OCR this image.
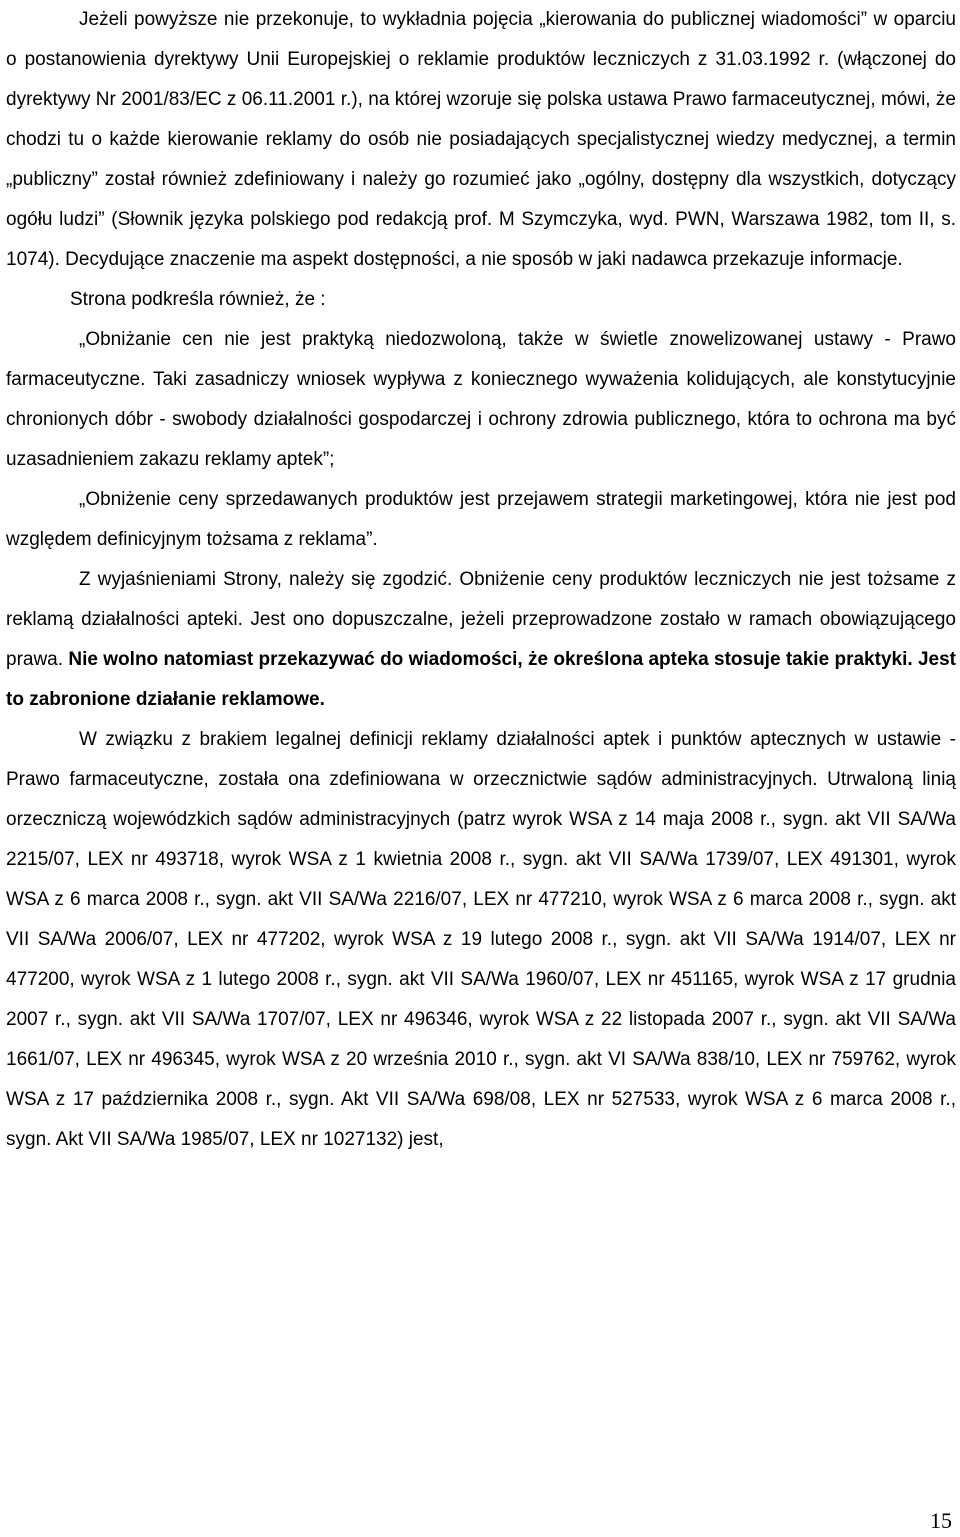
Jeżeli powyższe nie przekonuje, to wykładnia pojęcia „kierowania do publicznej wiadomości” w oparciu o postanowienia dyrektywy Unii Europejskiej o reklamie produktów leczniczych z 31.03.1992 r. (włączonej do dyrektywy Nr 2001/83/EC z 06.11.2001 r.), na której wzoruje się polska ustawa Prawo farmaceutycznej, mówi, że chodzi tu o każde kierowanie reklamy do osób nie posiadających specjalistycznej wiedzy medycznej, a termin „publiczny” został również zdefiniowany i należy go rozumieć jako „ogólny, dostępny dla wszystkich, dotyczący ogółu ludzi” (Słownik języka polskiego pod redakcją prof. M Szymczyka, wyd. PWN, Warszawa 1982, tom II, s. 1074). Decydujące znaczenie ma aspekt dostępności, a nie sposób w jaki nadawca przekazuje informacje.

Strona podkreśla również, że :

„Obniżanie cen nie jest praktyką niedozwoloną, także w świetle znowelizowanej ustawy - Prawo farmaceutyczne. Taki zasadniczy wniosek wypływa z koniecznego wyważenia kolidujących, ale konstytucyjnie chronionych dóbr - swobody działalności gospodarczej i ochrony zdrowia publicznego, która to ochrona ma być uzasadnieniem zakazu reklamy aptek”;

„Obniżenie ceny sprzedawanych produktów jest przejawem strategii marketingowej, która nie jest pod względem definicyjnym tożsama z reklama”.

Z wyjaśnieniami Strony, należy się zgodzić. Obniżenie ceny produktów leczniczych nie jest tożsame z reklamą działalności apteki. Jest ono dopuszczalne, jeżeli przeprowadzone zostało w ramach obowiązującego prawa. Nie wolno natomiast przekazywać do wiadomości, że określona apteka stosuje takie praktyki. Jest to zabronione działanie reklamowe.

W związku z brakiem legalnej definicji reklamy działalności aptek i punktów aptecznych w ustawie - Prawo farmaceutyczne, została ona zdefiniowana w orzecznictwie sądów administracyjnych. Utrwaloną linią orzeczniczą wojewódzkich sądów administracyjnych (patrz wyrok WSA z 14 maja 2008 r., sygn. akt VII SA/Wa 2215/07, LEX nr 493718, wyrok WSA z 1 kwietnia 2008 r., sygn. akt VII SA/Wa 1739/07, LEX 491301, wyrok WSA z 6 marca 2008 r., sygn. akt VII SA/Wa 2216/07, LEX nr 477210, wyrok WSA z 6 marca 2008 r., sygn. akt VII SA/Wa 2006/07, LEX nr 477202, wyrok WSA z 19 lutego 2008 r., sygn. akt VII SA/Wa 1914/07, LEX nr 477200, wyrok WSA z 1 lutego 2008 r., sygn. akt VII SA/Wa 1960/07, LEX nr 451165, wyrok WSA z 17 grudnia 2007 r., sygn. akt VII SA/Wa 1707/07, LEX nr 496346, wyrok WSA z 22 listopada 2007 r., sygn. akt VII SA/Wa 1661/07, LEX nr 496345, wyrok WSA z 20 września 2010 r., sygn. akt VI SA/Wa 838/10, LEX nr 759762, wyrok WSA z 17 października 2008 r., sygn. Akt VII SA/Wa 698/08, LEX nr 527533, wyrok WSA z 6 marca 2008 r., sygn. Akt VII SA/Wa 1985/07, LEX nr 1027132) jest,

15
